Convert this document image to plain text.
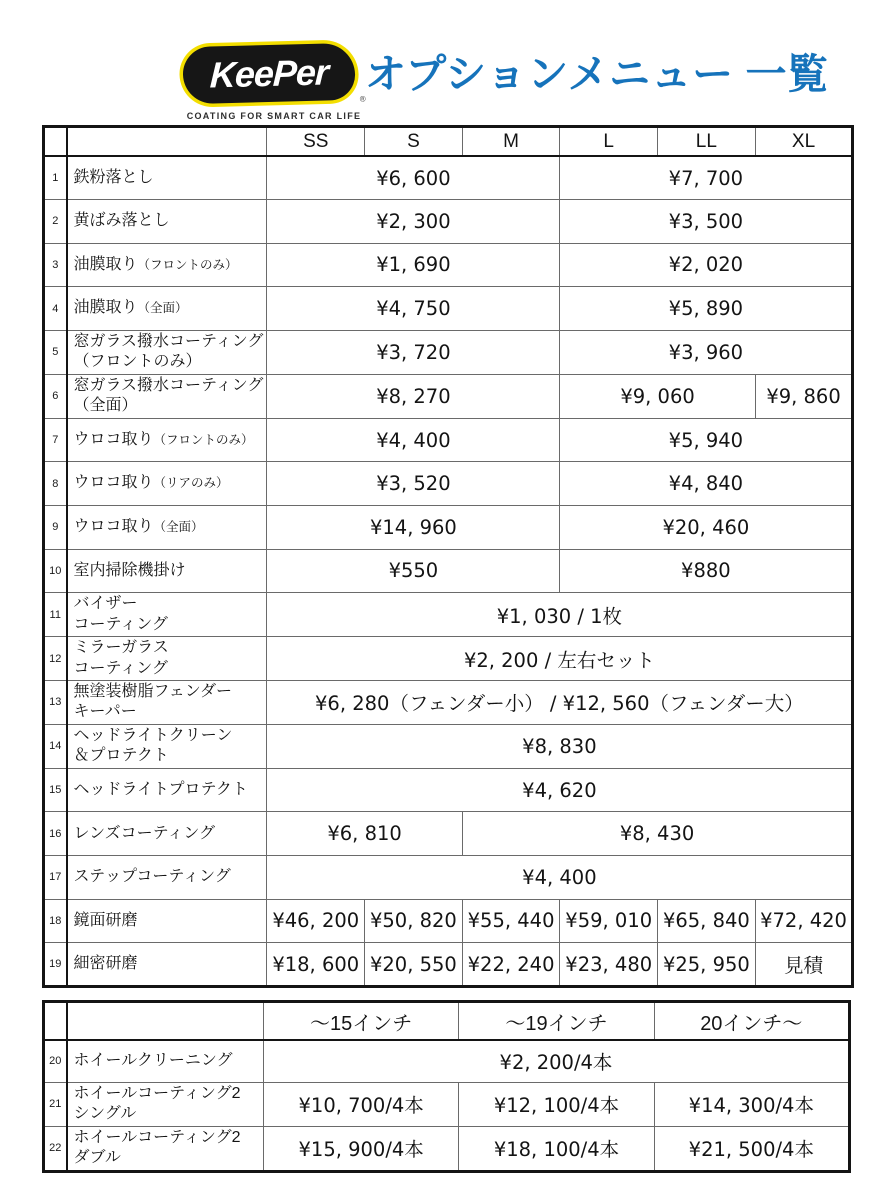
KeePer
®
COATING FOR SMART CAR LIFE
オプションメニュー 一覧
		SS	S	M	L	LL	XL
1	鉄粉落とし	¥6, 600			¥7, 700		
2	黄ばみ落とし	¥2, 300			¥3, 500		
3	油膜取り（フロントのみ）	¥1, 690			¥2, 020		
4	油膜取り（全面）	¥4, 750			¥5, 890		
5	窓ガラス撥水コーティング
（フロントのみ）	¥3, 720			¥3, 960		
6	窓ガラス撥水コーティング
（全面）	¥8, 270			¥9, 060		¥9, 860
7	ウロコ取り（フロントのみ）	¥4, 400			¥5, 940		
8	ウロコ取り（リアのみ）	¥3, 520			¥4, 840		
9	ウロコ取り（全面）	¥14, 960			¥20, 460		
10	室内掃除機掛け	¥550			¥880		
11	バイザー
コーティング	¥1, 030 / 1枚					
12	ミラーガラス
コーティング	¥2, 200 / 左右セット					
13	無塗装樹脂フェンダー
キーパー	¥6, 280（フェンダー小） / ¥12, 560（フェンダー大）					
14	ヘッドライトクリーン
＆プロテクト	¥8, 830					
15	ヘッドライトプロテクト	¥4, 620					
16	レンズコーティング	¥6, 810		¥8, 430			
17	ステップコーティング	¥4, 400					
18	鏡面研磨	¥46, 200	¥50, 820	¥55, 440	¥59, 010	¥65, 840	¥72, 420
19	細密研磨	¥18, 600	¥20, 550	¥22, 240	¥23, 480	¥25, 950	見積
		～15インチ	～19インチ	20インチ～
20	ホイールクリーニング	¥2, 200/4本		
21	ホイールコーティング2
シングル	¥10, 700/4本	¥12, 100/4本	¥14, 300/4本
22	ホイールコーティング2
ダブル	¥15, 900/4本	¥18, 100/4本	¥21, 500/4本
